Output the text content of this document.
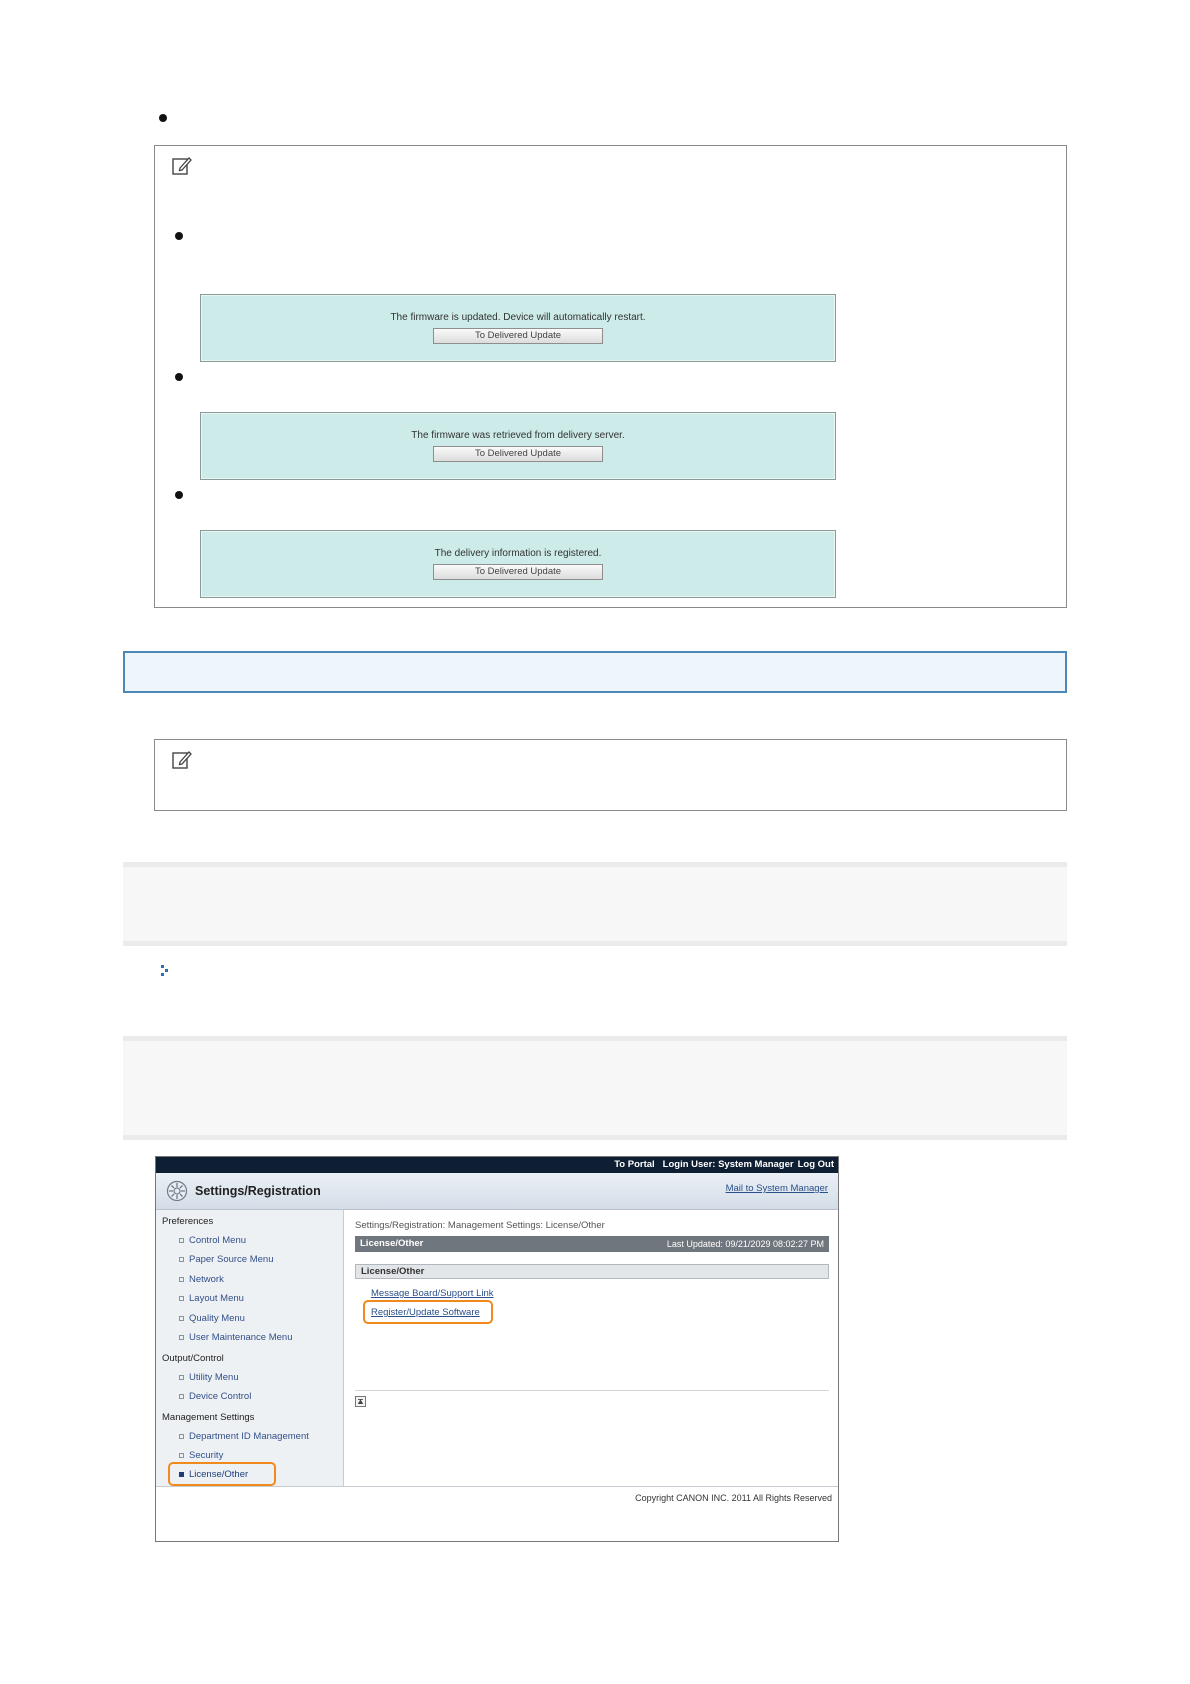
The firmware is updated. Device will automatically restart.
To Delivered Update
The firmware was retrieved from delivery server.
To Delivered Update
The delivery information is registered.
To Delivered Update
To Portal Login User: System Manager Log Out
Settings/Registration	Mail to System Manager
Preferences
Control Menu
Paper Source Menu
Network
Layout Menu
Quality Menu
User Maintenance Menu
Output/Control
Utility Menu
Device Control
Management Settings
Department ID Management
Security
License/Other
Settings/Registration: Management Settings: License/Other
License/Other	Last Updated: 09/21/2029 08:02:27 PM
License/Other
Message Board/Support Link
Register/Update Software
Copyright CANON INC. 2011 All Rights Reserved
